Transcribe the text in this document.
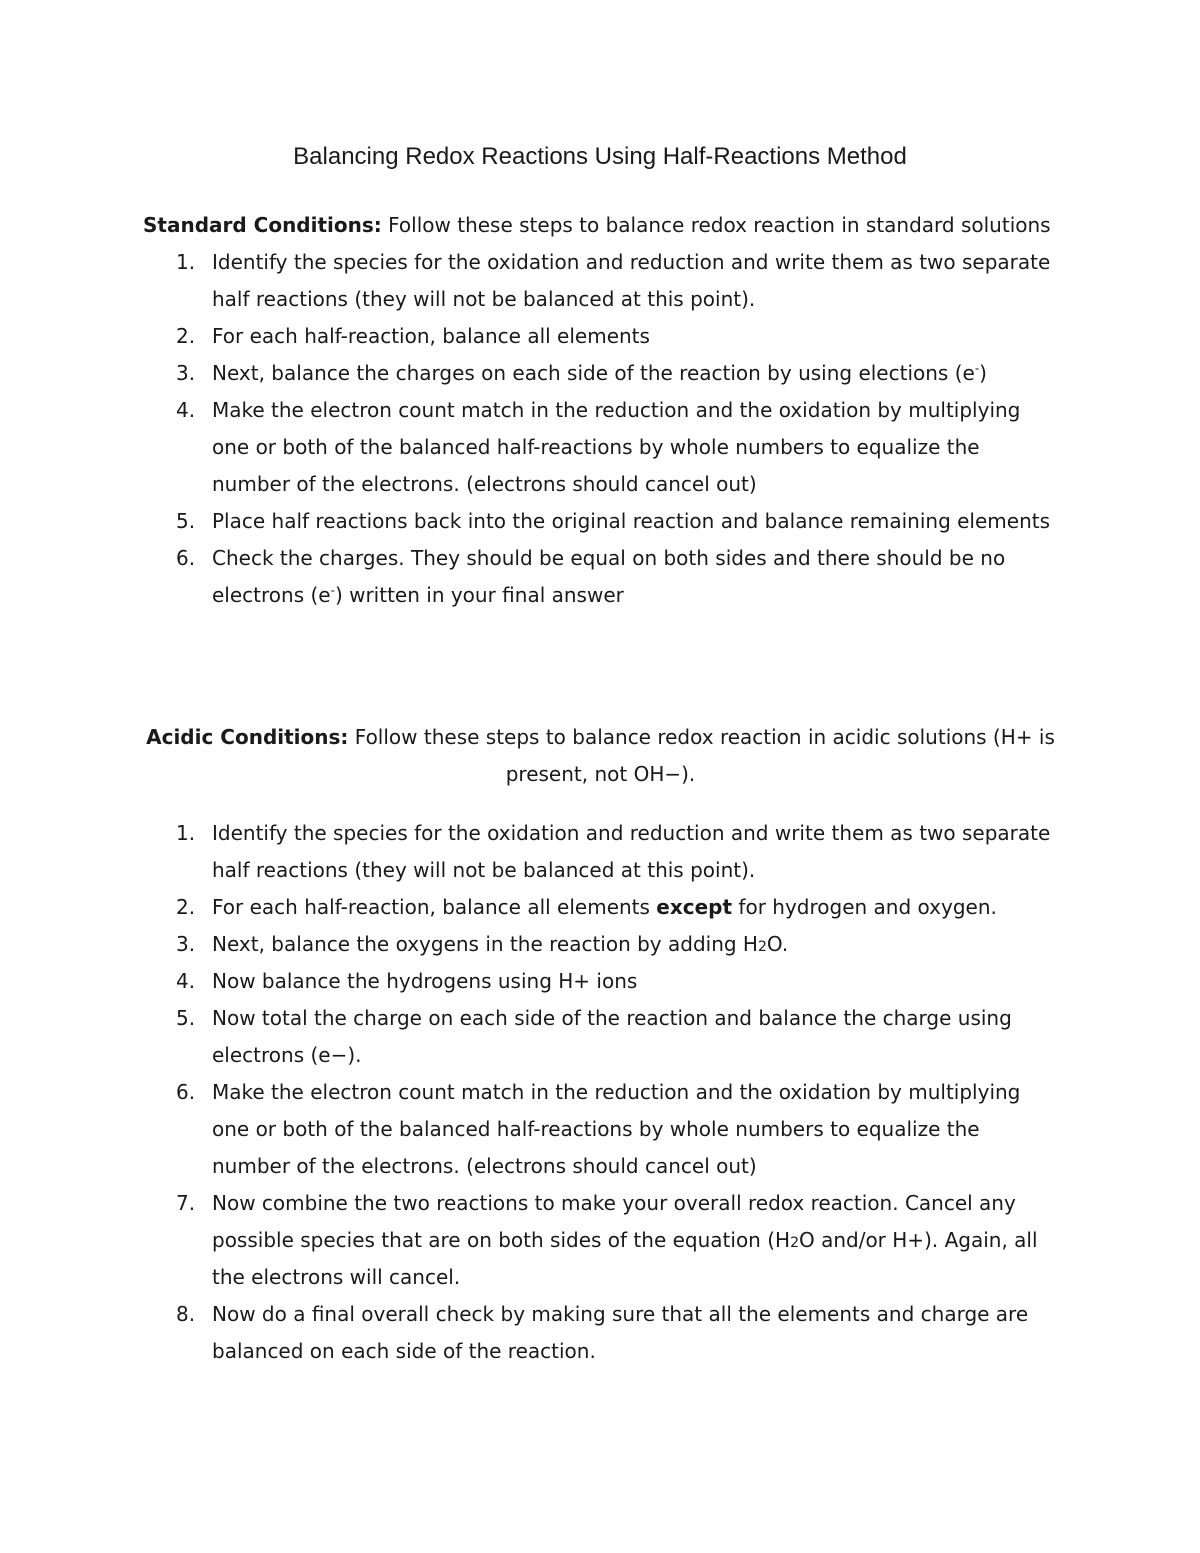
Balancing Redox Reactions Using Half-Reactions Method

Standard Conditions: Follow these steps to balance redox reaction in standard solutions

1. Identify the species for the oxidation and reduction and write them as two separate half reactions (they will not be balanced at this point).
2. For each half-reaction, balance all elements
3. Next, balance the charges on each side of the reaction by using elections (e-)
4. Make the electron count match in the reduction and the oxidation by multiplying one or both of the balanced half-reactions by whole numbers to equalize the number of the electrons. (electrons should cancel out)
5. Place half reactions back into the original reaction and balance remaining elements
6. Check the charges. They should be equal on both sides and there should be no electrons (e-) written in your final answer

Acidic Conditions: Follow these steps to balance redox reaction in acidic solutions (H+ is present, not OH−).

1. Identify the species for the oxidation and reduction and write them as two separate half reactions (they will not be balanced at this point).
2. For each half-reaction, balance all elements except for hydrogen and oxygen.
3. Next, balance the oxygens in the reaction by adding H2O.
4. Now balance the hydrogens using H+ ions
5. Now total the charge on each side of the reaction and balance the charge using electrons (e−).
6. Make the electron count match in the reduction and the oxidation by multiplying one or both of the balanced half-reactions by whole numbers to equalize the number of the electrons. (electrons should cancel out)
7. Now combine the two reactions to make your overall redox reaction. Cancel any possible species that are on both sides of the equation (H2O and/or H+). Again, all the electrons will cancel.
8. Now do a final overall check by making sure that all the elements and charge are balanced on each side of the reaction.
